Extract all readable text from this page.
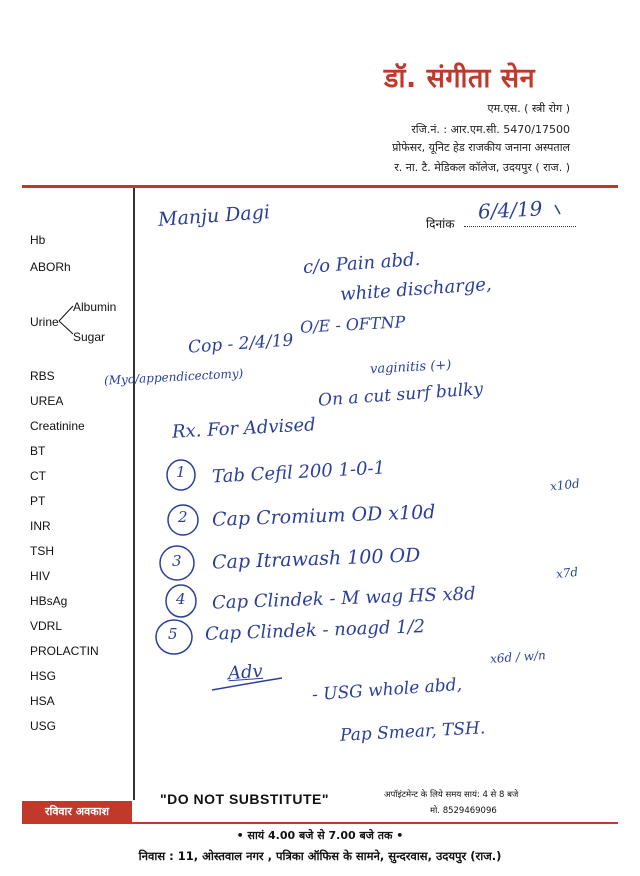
डॉ. संगीता सेन
एम.एस. ( स्त्री रोग )
रजि.नं. : आर.एम.सी. 5470/17500
प्रोफेसर, यूनिट हेड राजकीय जनाना अस्पताल
र. ना. टै. मेडिकल कॉलेज, उदयपुर ( राज. )
Hb
ABORh
Albumin
Urine
Sugar
RBS
UREA
Creatinine
BT
CT
PT
INR
TSH
HIV
HBsAg
VDRL
PROLACTIN
HSG
HSA
USG
दिनांक
Manju Dagi	6/4/19
c/o Pain abd.
white discharge,
O/E - OFTNP
Cop - 2/4/19
(Myo/appendicectomy)	vaginitis (+)
On a cut surf bulky
Rx. For Advised
Tab Cefil 200 1-0-1	x10d
Cap Cromium OD x10d
Cap Itrawash 100 OD	x7d
Cap Clindek - M wag HS x8d
Cap Clindek - noagd 1/2
x6d / w/n
Adv
- USG whole abd,
Pap Smear, TSH.
1
2
3
4
5
"DO NOT SUBSTITUTE"	अपॉइंटमेन्ट के लिये समय सायं: 4 से 8 बजे
मो. 8529469096
रविवार अवकाश
• सायं 4.00 बजे से 7.00 बजे तक •
निवास : 11, ओस्तवाल नगर , पत्रिका ऑफिस के सामने, सुन्दरवास, उदयपुर (राज.)
